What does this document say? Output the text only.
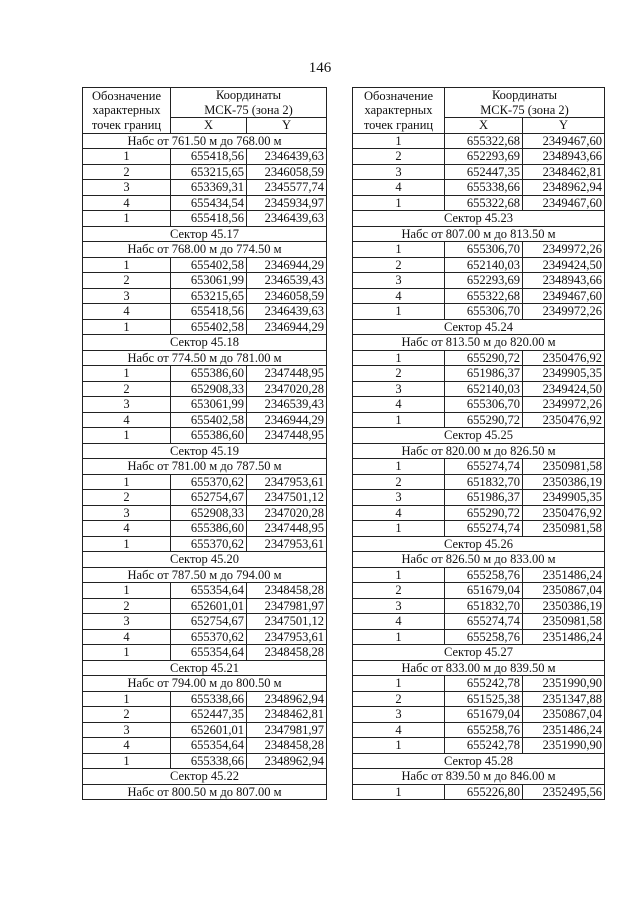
146
Обозначение
характерных
точек границ	Координаты
МСК-75 (зона 2)	

	X	Y
Набс от 761.50 м до 768.00 м		
1	655418,56	2346439,63
2	653215,65	2346058,59
3	653369,31	2345577,74
4	655434,54	2345934,97
1	655418,56	2346439,63
Сектор 45.17		
Набс от 768.00 м до 774.50 м		
1	655402,58	2346944,29
2	653061,99	2346539,43
3	653215,65	2346058,59
4	655418,56	2346439,63
1	655402,58	2346944,29
Сектор 45.18		
Набс от 774.50 м до 781.00 м		
1	655386,60	2347448,95
2	652908,33	2347020,28
3	653061,99	2346539,43
4	655402,58	2346944,29
1	655386,60	2347448,95
Сектор 45.19		
Набс от 781.00 м до 787.50 м		
1	655370,62	2347953,61
2	652754,67	2347501,12
3	652908,33	2347020,28
4	655386,60	2347448,95
1	655370,62	2347953,61
Сектор 45.20		
Набс от 787.50 м до 794.00 м		
1	655354,64	2348458,28
2	652601,01	2347981,97
3	652754,67	2347501,12
4	655370,62	2347953,61
1	655354,64	2348458,28
Сектор 45.21		
Набс от 794.00 м до 800.50 м		
1	655338,66	2348962,94
2	652447,35	2348462,81
3	652601,01	2347981,97
4	655354,64	2348458,28
1	655338,66	2348962,94
Сектор 45.22		
Набс от 800.50 м до 807.00 м		
Обозначение
характерных
точек границ	Координаты
МСК-75 (зона 2)	

	X	Y
1	655322,68	2349467,60
2	652293,69	2348943,66
3	652447,35	2348462,81
4	655338,66	2348962,94
1	655322,68	2349467,60
Сектор 45.23		
Набс от 807.00 м до 813.50 м		
1	655306,70	2349972,26
2	652140,03	2349424,50
3	652293,69	2348943,66
4	655322,68	2349467,60
1	655306,70	2349972,26
Сектор 45.24		
Набс от 813.50 м до 820.00 м		
1	655290,72	2350476,92
2	651986,37	2349905,35
3	652140,03	2349424,50
4	655306,70	2349972,26
1	655290,72	2350476,92
Сектор 45.25		
Набс от 820.00 м до 826.50 м		
1	655274,74	2350981,58
2	651832,70	2350386,19
3	651986,37	2349905,35
4	655290,72	2350476,92
1	655274,74	2350981,58
Сектор 45.26		
Набс от 826.50 м до 833.00 м		
1	655258,76	2351486,24
2	651679,04	2350867,04
3	651832,70	2350386,19
4	655274,74	2350981,58
1	655258,76	2351486,24
Сектор 45.27		
Набс от 833.00 м до 839.50 м		
1	655242,78	2351990,90
2	651525,38	2351347,88
3	651679,04	2350867,04
4	655258,76	2351486,24
1	655242,78	2351990,90
Сектор 45.28		
Набс от 839.50 м до 846.00 м		
1	655226,80	2352495,56
